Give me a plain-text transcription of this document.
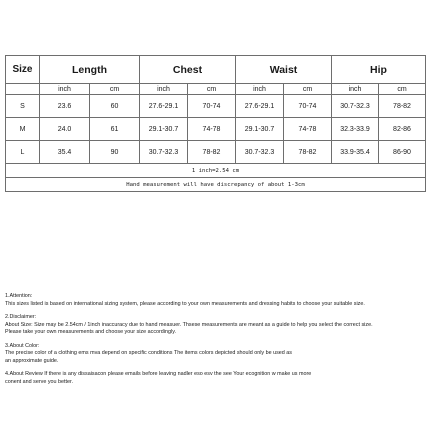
Size	Length		Chest		Waist		Hip	
	inch	cm	inch	cm	inch	cm	inch	cm
S	23.6	60	27.6-29.1	70-74	27.6-29.1	70-74	30.7-32.3	78-82
M	24.0	61	29.1-30.7	74-78	29.1-30.7	74-78	32.3-33.9	82-86
L	35.4	90	30.7-32.3	78-82	30.7-32.3	78-82	33.9-35.4	86-90
1 inch=2.54 cm								
Hand measurement will have discrepancy of about 1-3cm								
1.Attention:
This sizes listed is based on international sizing system, please according to your own measurements and dressing habits to choose your suitable size.
2.Disclaimer:
About Size: Size may be 2.54cm / 1inch inaccuracy due to hand measuer. Thsese measurements are meant as a guide to help you select the correct size.
Please take your own measurements and choose your size accordingly.
3.About Color:
The precise color of a clothing ems mva depend on specific conditions The items colors depicted should only be used as
an approximate guide.
4.About Review If there is any dissaisacon please emails before leaving nadler eso esv the see Your ecognition w make us more
conent and serve you better.
